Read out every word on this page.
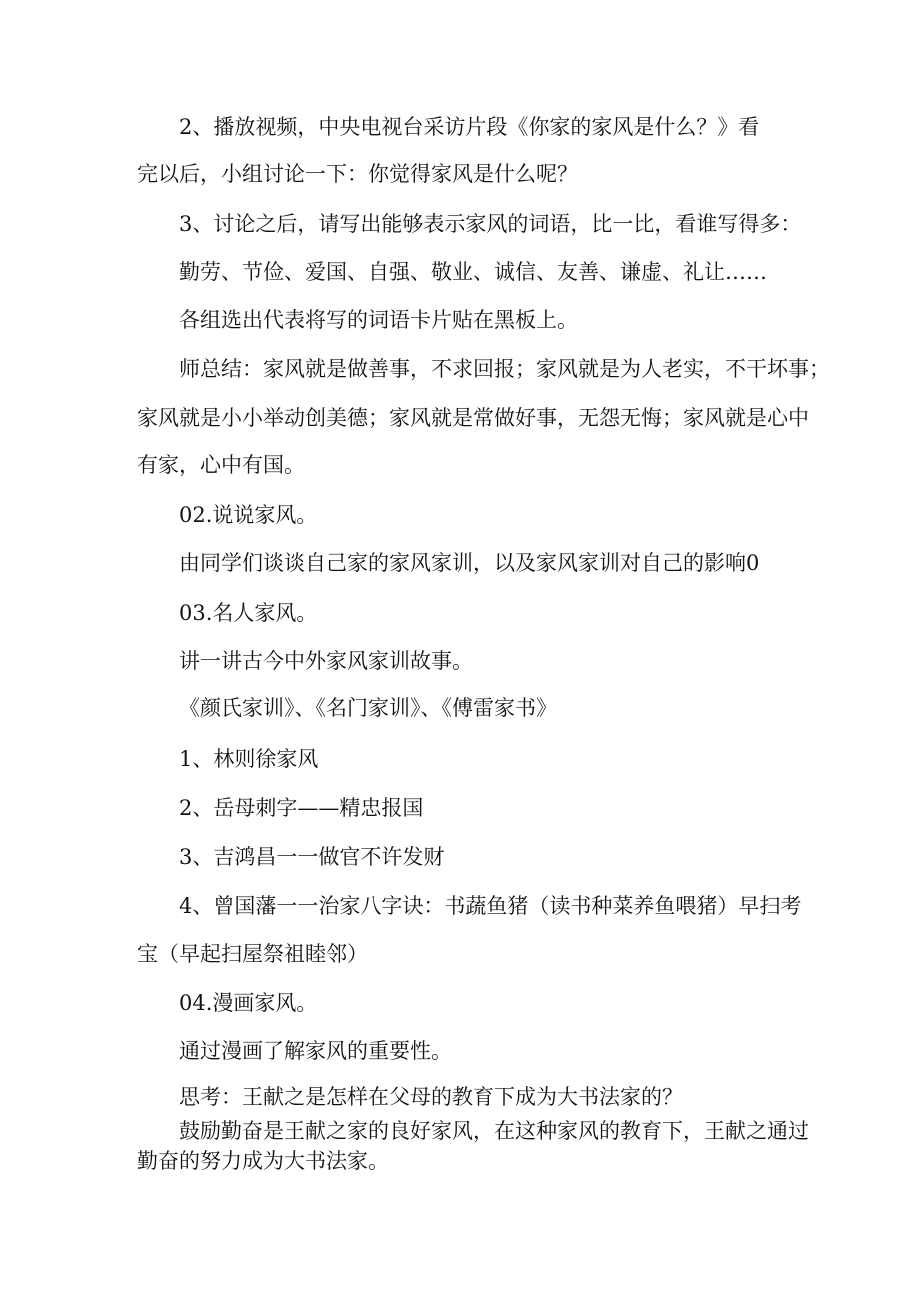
2、播放视频，中央电视台采访片段《你家的家风是什么？》看
完以后，小组讨论一下：你觉得家风是什么呢？
3、讨论之后，请写出能够表示家风的词语，比一比，看谁写得多：
勤劳、节俭、爱国、自强、敬业、诚信、友善、谦虚、礼让……
各组选出代表将写的词语卡片贴在黑板上。
师总结：家风就是做善事，不求回报；家风就是为人老实，不干坏事；
家风就是小小举动创美德；家风就是常做好事，无怨无悔；家风就是心中
有家，心中有国。
02.说说家风。
由同学们谈谈自己家的家风家训，以及家风家训对自己的影响0
03.名人家风。
讲一讲古今中外家风家训故事。
《颜氏家训》、《名门家训》、《傅雷家书》
1、林则徐家风
2、岳母刺字——精忠报国
3、吉鸿昌一一做官不许发财
4、曾国藩一一治家八字诀：书蔬鱼猪（读书种菜养鱼喂猪）早扫考
宝（早起扫屋祭祖睦邻）
04.漫画家风。
通过漫画了解家风的重要性。
思考：王献之是怎样在父母的教育下成为大书法家的？
鼓励勤奋是王献之家的良好家风，在这种家风的教育下，王献之通过
勤奋的努力成为大书法家。
